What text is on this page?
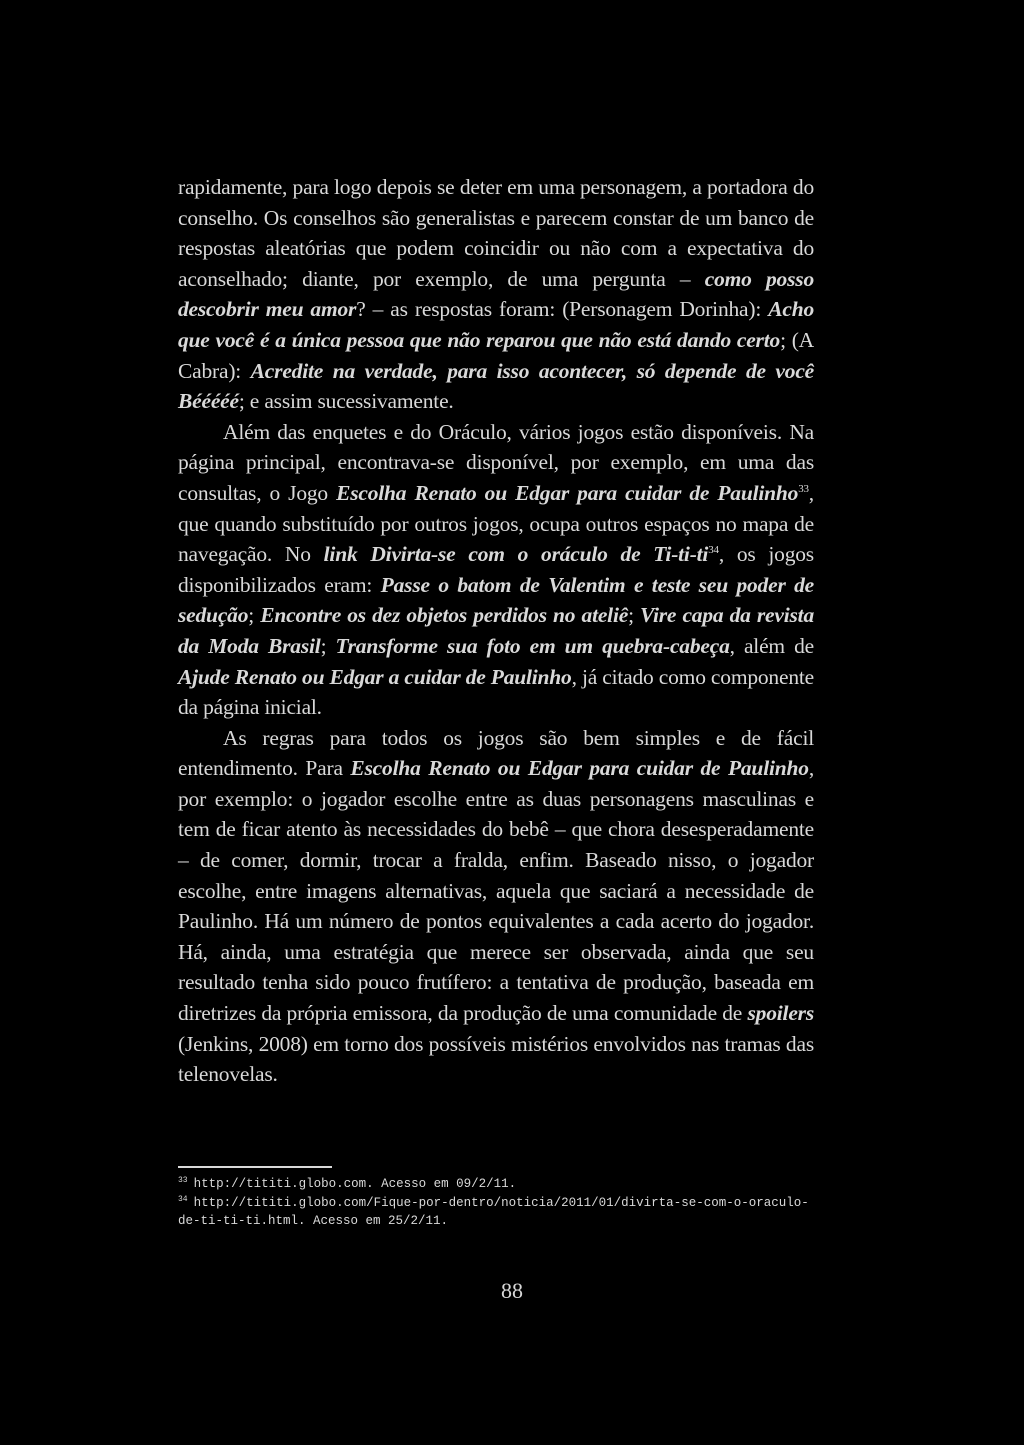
rapidamente, para logo depois se deter em uma personagem, a portadora do conselho. Os conselhos são generalistas e parecem constar de um banco de respostas aleatórias que podem coincidir ou não com a expectativa do aconselhado; diante, por exemplo, de uma pergunta – como posso descobrir meu amor? – as respostas foram: (Personagem Dorinha): Acho que você é a única pessoa que não reparou que não está dando certo; (A Cabra): Acredite na verdade, para isso acontecer, só depende de você Bééééé; e assim sucessivamente.

Além das enquetes e do Oráculo, vários jogos estão disponíveis. Na página principal, encontrava-se disponível, por exemplo, em uma das consultas, o Jogo Escolha Renato ou Edgar para cuidar de Paulinho$^{33}$, que quando substituído por outros jogos, ocupa outros espaços no mapa de navegação. No link Divirta-se com o oráculo de $Ti-ti-ti^{34}$, os jogos disponibilizados eram: Passe o batom de Valentim e teste seu poder de sedução; Encontre os dez objetos perdidos no ateliê; Vire capa da revista da Moda Brasil; Transforme sua foto em um quebra-cabeça, além de Ajude Renato ou Edgar a cuidar de Paulinho, já citado como componente da página inicial.

As regras para todos os jogos são bem simples e de fácil entendimento. Para Escolha Renato ou Edgar para cuidar de Paulinho, por exemplo: o jogador escolhe entre as duas personagens masculinas e tem de ficar atento às necessidades do bebê – que chora desesperadamente – de comer, dormir, trocar a fralda, enfim. Baseado nisso, o jogador escolhe, entre imagens alternativas, aquela que saciará a necessidade de Paulinho. Há um número de pontos equivalentes a cada acerto do jogador. Há, ainda, uma estratégia que merece ser observada, ainda que seu resultado tenha sido pouco frutífero: a tentativa de produção, baseada em diretrizes da própria emissora, da produção de uma comunidade de spoilers (Jenkins, 2008) em torno dos possíveis mistérios envolvidos nas tramas das telenovelas.

$^{33}$ http://tititi.globo.com. Acesso em 09/2/11.

$^{34}$ http://tititi.globo.com/Fique-por-dentro/noticia/2011/01/divirta-se-com-o-oraculo-de-ti-ti-ti.html. Acesso em 25/2/11.

88
